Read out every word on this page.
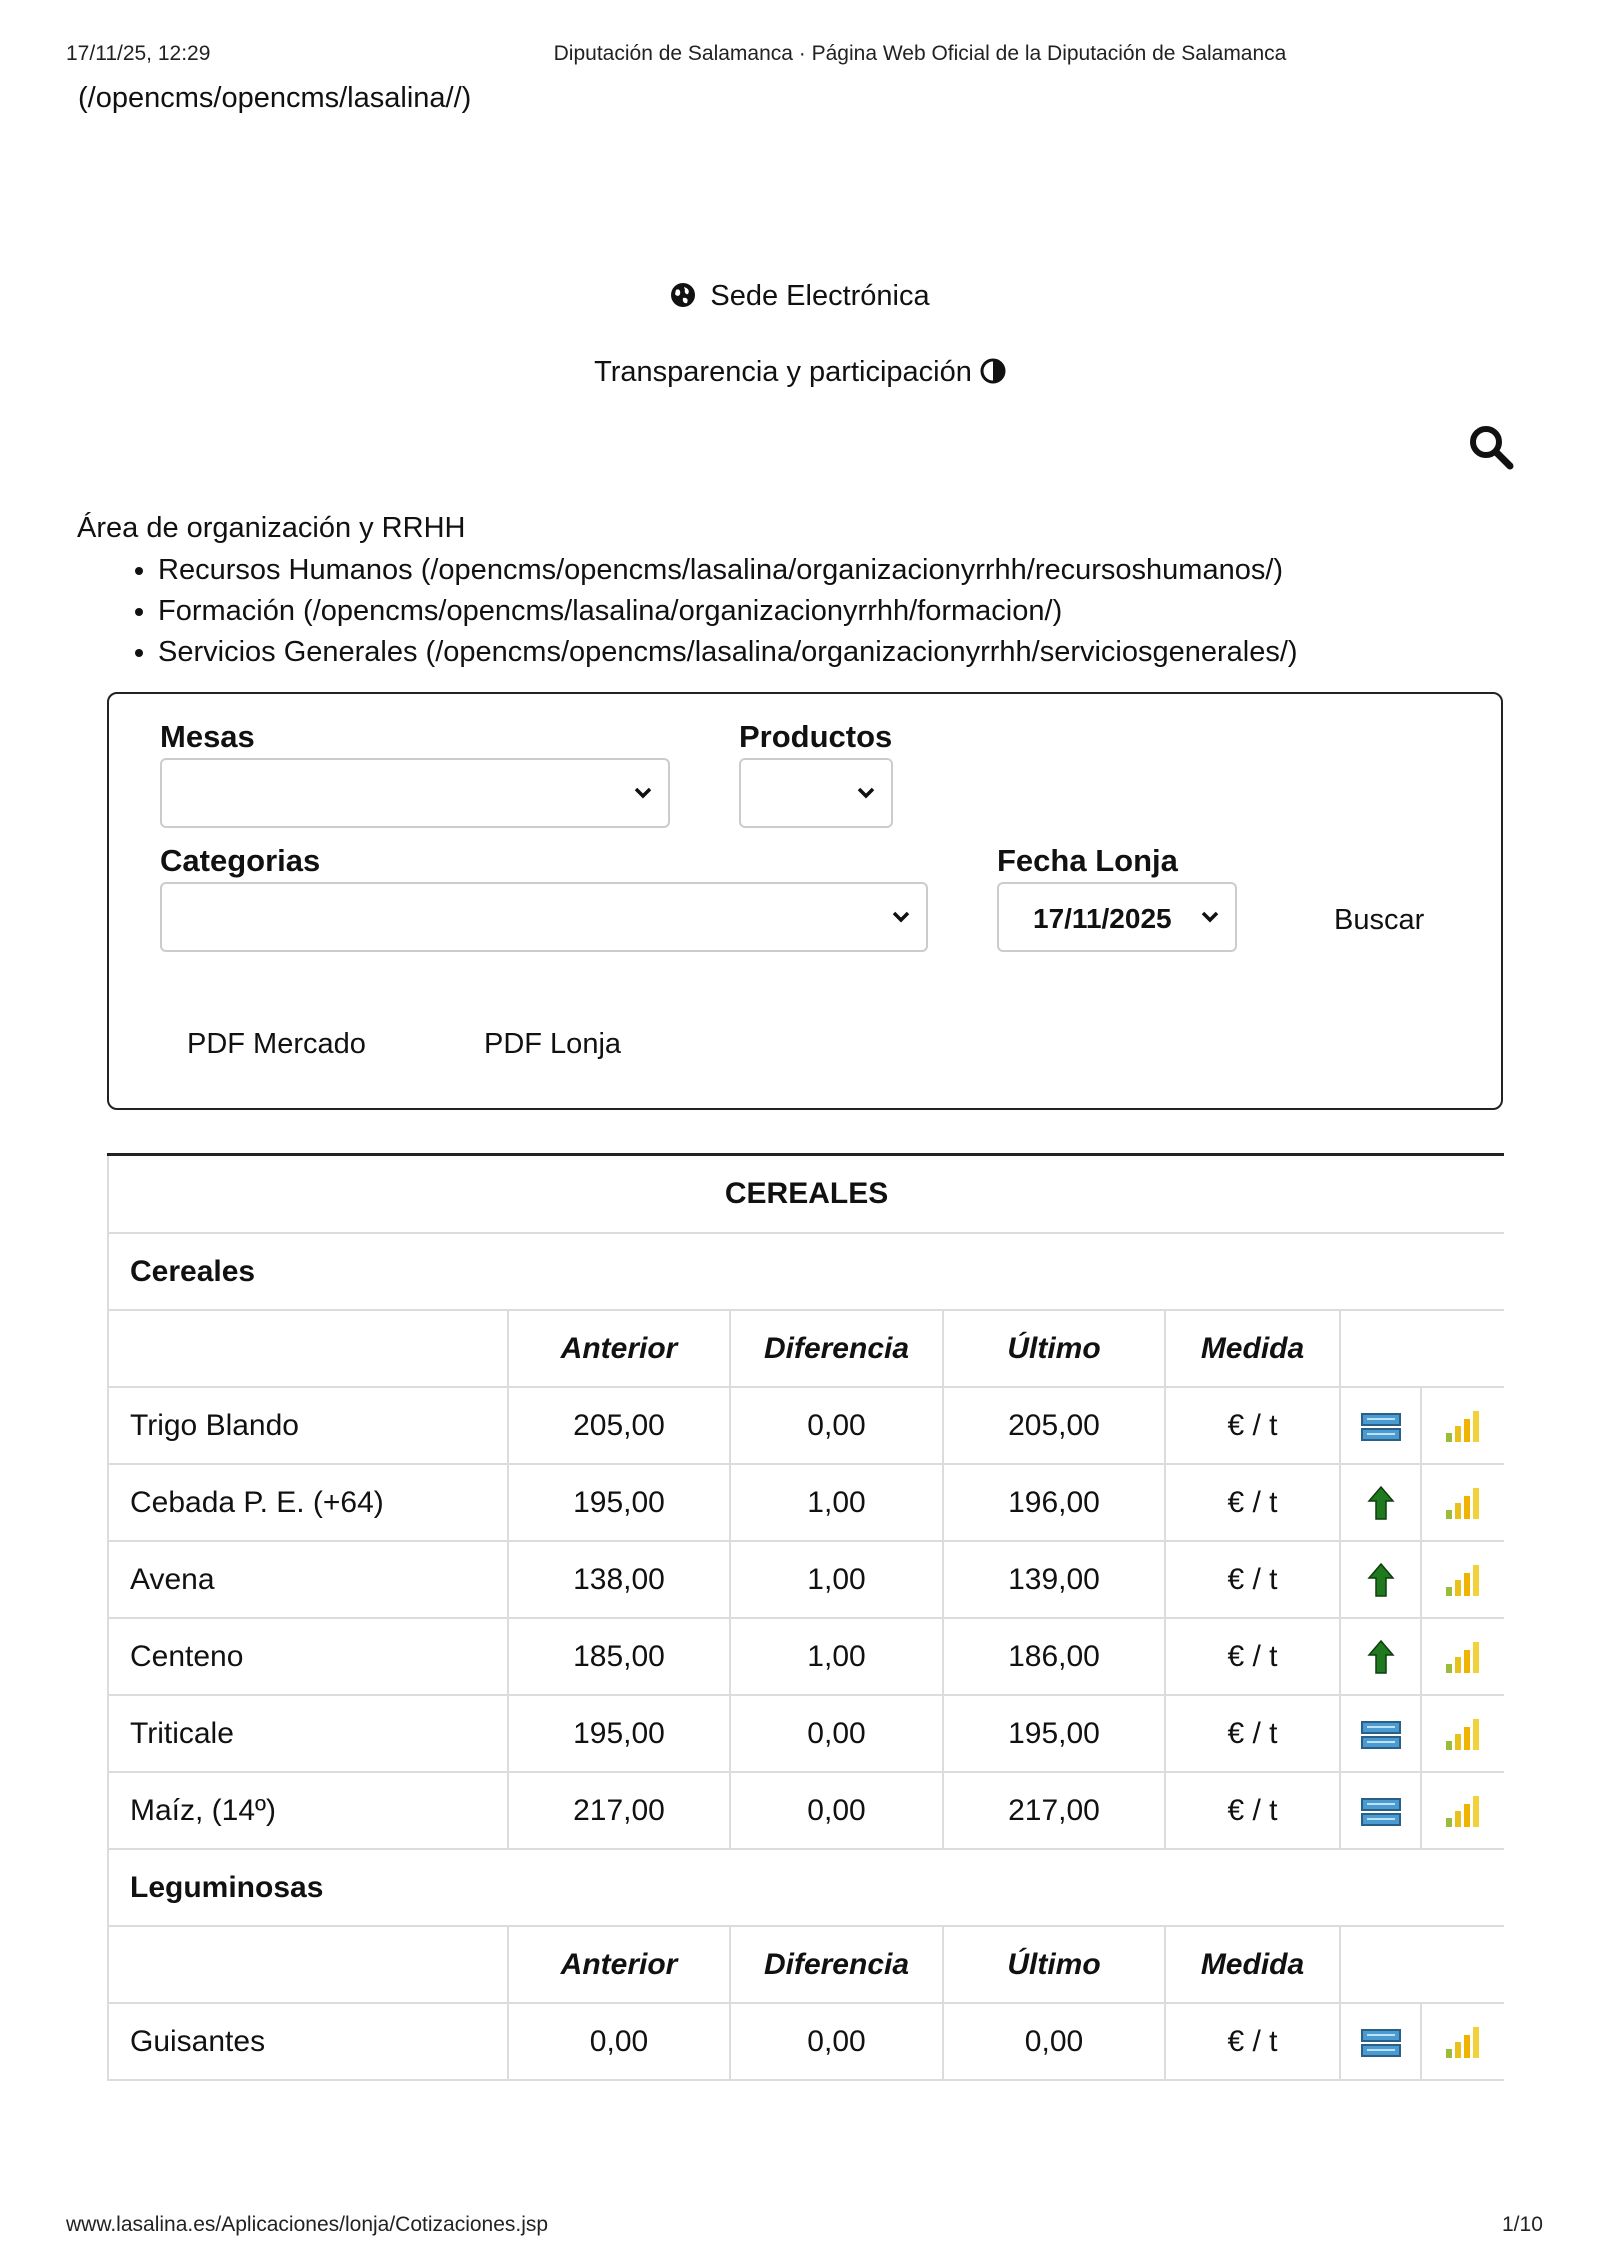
17/11/25, 12:29	Diputación de Salamanca · Página Web Oficial de la Diputación de Salamanca
(/opencms/opencms/lasalina//)
Sede Electrónica
Transparencia y participación
Área de organización y RRHH
• Recursos Humanos (/opencms/opencms/lasalina/organizacionyrrhh/recursoshumanos/)
• Formación (/opencms/opencms/lasalina/organizacionyrrhh/formacion/)
• Servicios Generales (/opencms/opencms/lasalina/organizacionyrrhh/serviciosgenerales/)
Mesas	Productos
Categorias	Fecha Lonja
17/11/2025	Buscar
PDF Mercado	PDF Lonja
CEREALES						
Cereales						
	Anterior	Diferencia	Último	Medida		
Trigo Blando	205,00	0,00	205,00	€ / t		
Cebada P. E. (+64)	195,00	1,00	196,00	€ / t		
Avena	138,00	1,00	139,00	€ / t		
Centeno	185,00	1,00	186,00	€ / t		
Triticale	195,00	0,00	195,00	€ / t		
Maíz, (14º)	217,00	0,00	217,00	€ / t		
Leguminosas						
	Anterior	Diferencia	Último	Medida		
Guisantes	0,00	0,00	0,00	€ / t		
www.lasalina.es/Aplicaciones/lonja/Cotizaciones.jsp	1/10
